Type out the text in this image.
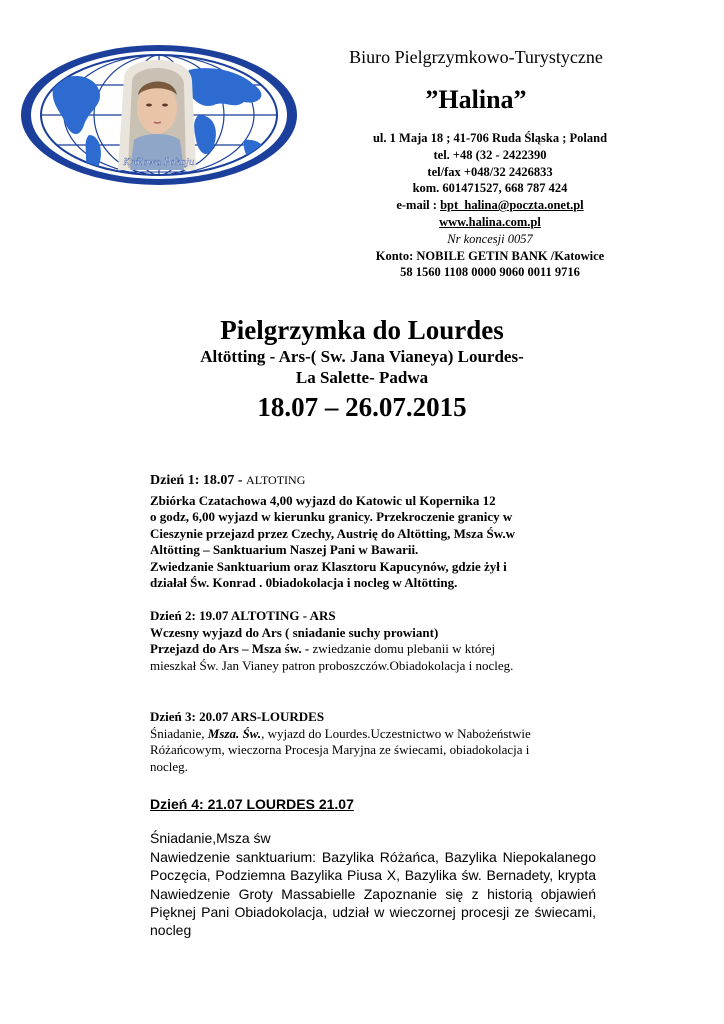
Królowa Pokoju
Biuro Pielgrzymkowo-Turystyczne
”Halina”
ul. 1 Maja 18 ; 41-706 Ruda Śląska ; Poland
tel. +48 (32 - 2422390
tel/fax +048/32 2426833
kom. 601471527, 668 787 424
e-mail : bpt_halina@poczta.onet.pl
www.halina.com.pl
Nr koncesji 0057
Konto: NOBILE GETIN BANK /Katowice
58 1560 1108 0000 9060 0011 9716
Pielgrzymka do Lourdes
Altötting - Ars-( Sw. Jana Vianeya) Lourdes-
La Salette- Padwa
18.07 – 26.07.2015
Dzień 1: 18.07 - ALTOTING
Zbiórka Czatachowa 4,00 wyjazd do Katowic ul Kopernika 12
o godz, 6,00 wyjazd w kierunku granicy. Przekroczenie granicy w
Cieszynie przejazd przez Czechy, Austrię do Altötting, Msza Św.w
Altötting – Sanktuarium Naszej Pani w Bawarii.
Zwiedzanie Sanktuarium oraz Klasztoru Kapucynów, gdzie żył i
działał Św. Konrad . 0biadokolacja i nocleg w Altötting.
Dzień 2: 19.07 ALTOTING - ARS
Wczesny wyjazd do Ars ( sniadanie suchy prowiant)
Przejazd do Ars – Msza św. - zwiedzanie domu plebanii w której
mieszkał Św. Jan Vianey patron proboszczów.Obiadokolacja i nocleg.
Dzień 3: 20.07 ARS-LOURDES
Śniadanie, Msza. Św., wyjazd do Lourdes.Uczestnictwo w Nabożeństwie Różańcowym, wieczorna Procesja Maryjna ze świecami, obiadokolacja i nocleg.
Dzień 4: 21.07 LOURDES 21.07
Śniadanie,Msza św
Nawiedzenie sanktuarium: Bazylika Różańca, Bazylika Niepokalanego Poczęcia, Podziemna Bazylika Piusa X, Bazylika św. Bernadety, krypta Nawiedzenie Groty Massabielle Zapoznanie się z historią objawień Pięknej Pani Obiadokolacja, udział w wieczornej procesji ze świecami, nocleg
